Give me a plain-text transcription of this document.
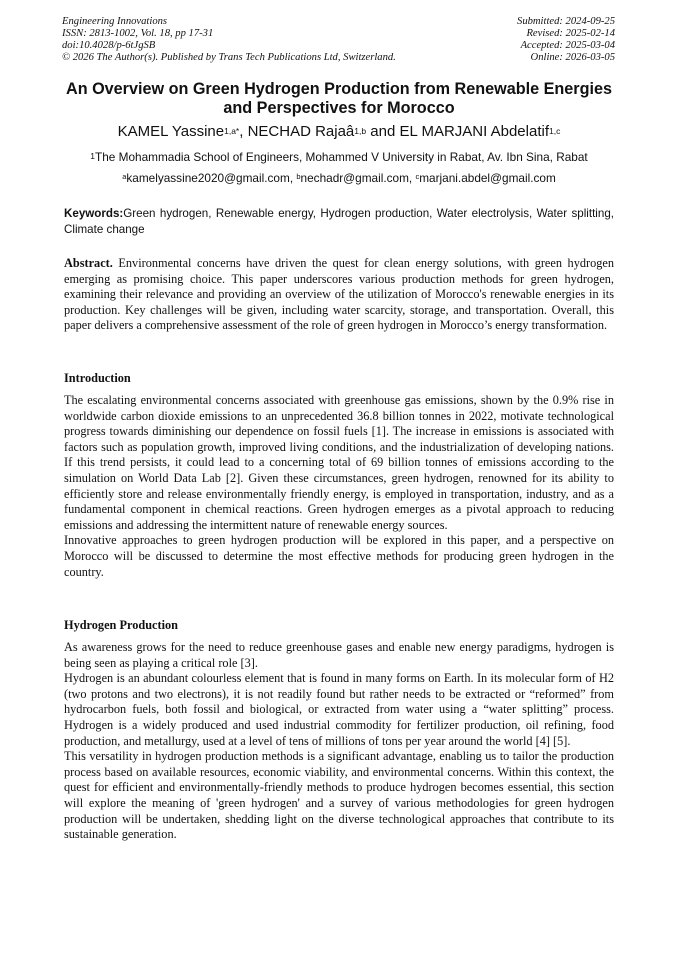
Engineering Innovations
ISSN: 2813-1002, Vol. 18, pp 17-31
doi:10.4028/p-6tJgSB
© 2026 The Author(s). Published by Trans Tech Publications Ltd, Switzerland.
Submitted: 2024-09-25
Revised: 2025-02-14
Accepted: 2025-03-04
Online: 2026-03-05
An Overview on Green Hydrogen Production from Renewable Energies
and Perspectives for Morocco
KAMEL Yassine$^{1,a*}$, NECHAD Rajaâ$^{1,b}$ and EL MARJANI Abdelatif$^{1,c}$
$^1$The Mohammadia School of Engineers, Mohammed V University in Rabat, Av. Ibn Sina, Rabat
$^a$kamelyassine2020@gmail.com, $^b$nechadr@gmail.com, $^c$marjani.abdel@gmail.com
Keywords:Green hydrogen, Renewable energy, Hydrogen production, Water electrolysis, Water splitting, Climate change

Abstract. Environmental concerns have driven the quest for clean energy solutions, with green hydrogen emerging as promising choice. This paper underscores various production methods for green hydrogen, examining their relevance and providing an overview of the utilization of Morocco's renewable energies in its production. Key challenges will be given, including water scarcity, storage, and transportation. Overall, this paper delivers a comprehensive assessment of the role of green hydrogen in Morocco’s energy transformation.

Introduction

The escalating environmental concerns associated with greenhouse gas emissions, shown by the 0.9% rise in worldwide carbon dioxide emissions to an unprecedented 36.8 billion tonnes in 2022, motivate technological progress towards diminishing our dependence on fossil fuels [1]. The increase in emissions is associated with factors such as population growth, improved living conditions, and the industrialization of developing nations. If this trend persists, it could lead to a concerning total of 69 billion tonnes of emissions according to the simulation on World Data Lab [2]. Given these circumstances, green hydrogen, renowned for its ability to efficiently store and release environmentally friendly energy, is employed in transportation, industry, and as a fundamental component in chemical reactions. Green hydrogen emerges as a pivotal approach to reducing emissions and addressing the intermittent nature of renewable energy sources.

Innovative approaches to green hydrogen production will be explored in this paper, and a perspective on Morocco will be discussed to determine the most effective methods for producing green hydrogen in the country.

Hydrogen Production

As awareness grows for the need to reduce greenhouse gases and enable new energy paradigms, hydrogen is being seen as playing a critical role [3].

Hydrogen is an abundant colourless element that is found in many forms on Earth. In its molecular form of H2 (two protons and two electrons), it is not readily found but rather needs to be extracted or “reformed” from hydrocarbon fuels, both fossil and biological, or extracted from water using a “water splitting” process. Hydrogen is a widely produced and used industrial commodity for fertilizer production, oil refining, food production, and metallurgy, used at a level of tens of millions of tons per year around the world [4] [5].

This versatility in hydrogen production methods is a significant advantage, enabling us to tailor the production process based on available resources, economic viability, and environmental concerns. Within this context, the quest for efficient and environmentally-friendly methods to produce hydrogen becomes essential, this section will explore the meaning of 'green hydrogen' and a survey of various methodologies for green hydrogen production will be undertaken, shedding light on the diverse technological approaches that contribute to its sustainable generation.
